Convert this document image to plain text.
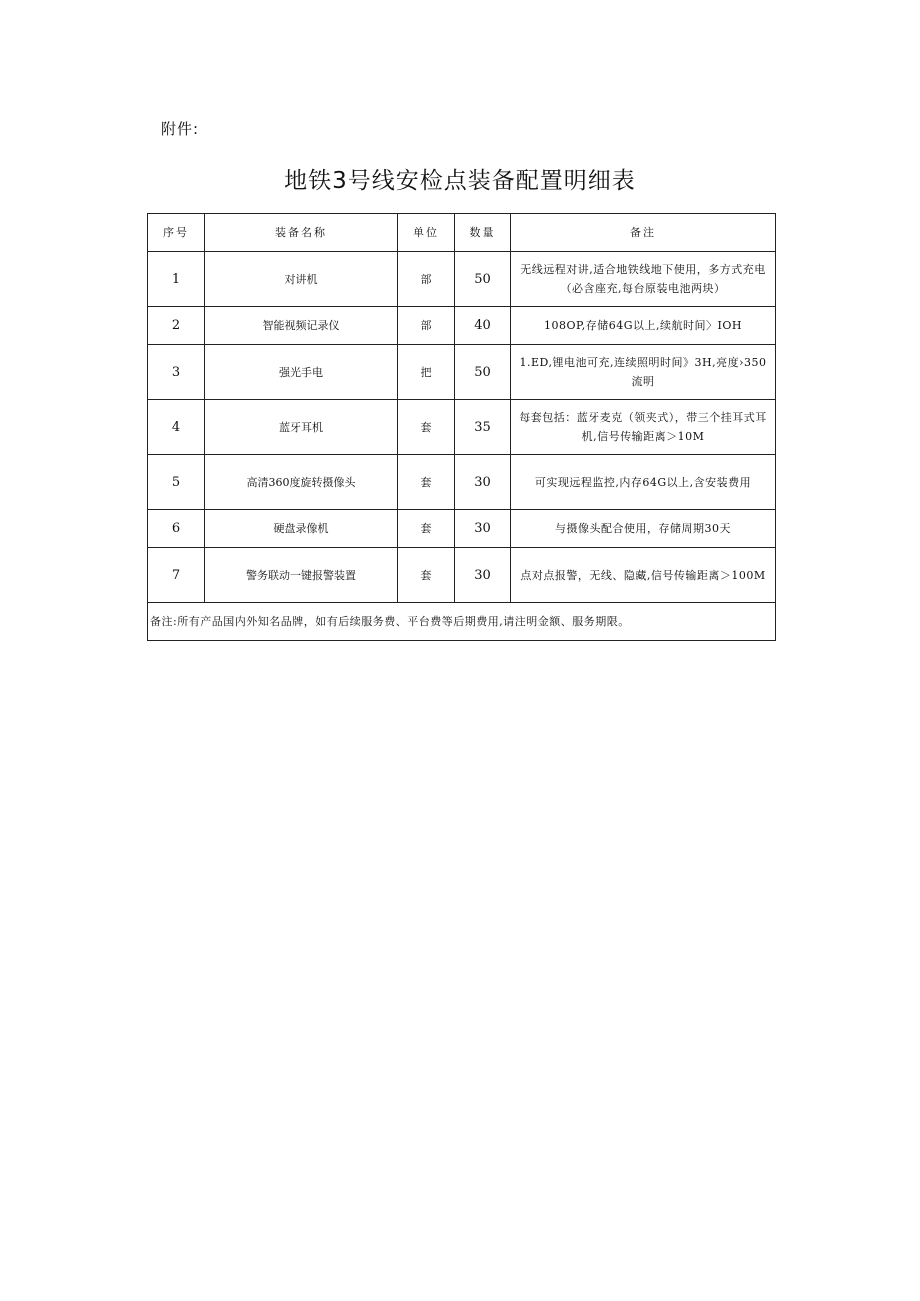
附件:
地铁3号线安检点装备配置明细表
序号	装备名称	单位	数量	备注
1	对讲机	部	50	无线远程对讲,适合地铁线地下使用，多方式充电（必含座充,每台原装电池两块）
2	智能视频记录仪	部	40	108OP,存储64G以上,续航时间〉IOH
3	强光手电	把	50	1.ED,锂电池可充,连续照明时间》3H,亮度›350流明
4	蓝牙耳机	套	35	每套包括：蓝牙麦克（领夹式），带三个挂耳式耳机,信号传输距离＞10M
5	高清360度旋转摄像头	套	30	可实现远程监控,内存64G以上,含安装费用
6	硬盘录像机	套	30	与摄像头配合使用，存储周期30天
7	警务联动一键报警装置	套	30	点对点报警，无线、隐藏,信号传输距离＞100M
备注:所有产品国内外知名品牌，如有后续服务费、平台费等后期费用,请注明金额、服务期限。				
